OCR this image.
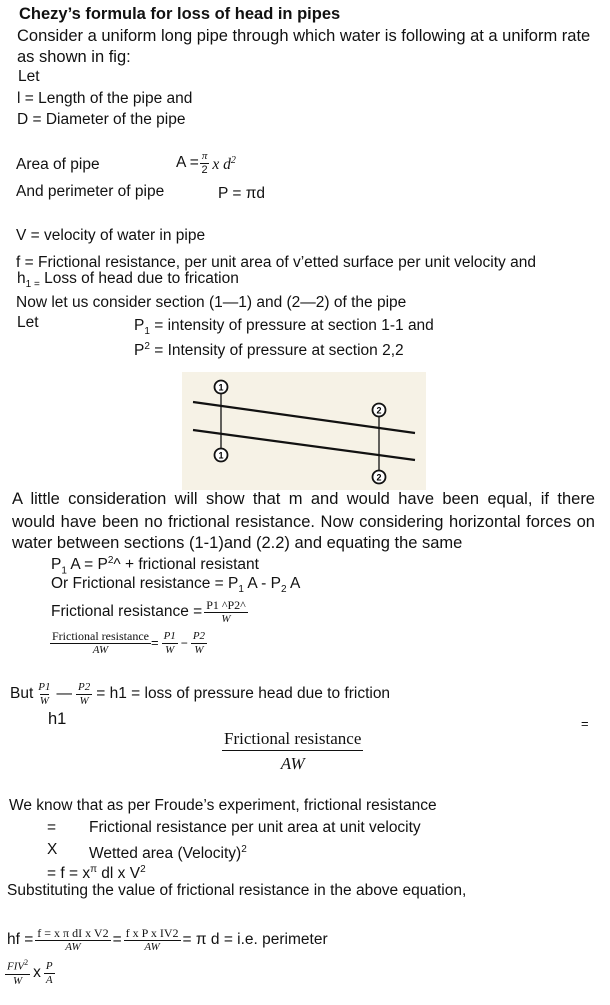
Chezy’s formula for loss of head in pipes
Consider a uniform long pipe through which water is following at a uniform rate
as shown in fig:
Let
l = Length of the pipe and
D = Diameter of the pipe
Area of pipe	$A = \frac{\pi}{2}$ x $d^2$
And perimeter of pipe	P = πd
V = velocity of water in pipe
f = Frictional resistance, per unit area of v’etted surface per unit velocity and
$h_{1 =}$ Loss of head due to frication
Now let us consider section (1—1) and (2—2) of the pipe
Let	$P_1$ = intensity of pressure at section 1-1 and
$P^2$ = Intensity of pressure at section 2,2
1
1
2
2
A little consideration will show that m and would have been equal, if there
would have been no frictional resistance. Now considering horizontal forces on
water between sections (1-1)and (2.2) and equating the same
$P_1$ $A = P^2\^{}$ + frictional resistant
Or Frictional resistance = $P_1$ A - $P_2$ A
Frictional resistance = $\frac{P1 \^{}P2\^{}}{W}$
$\frac{\text{Frictional resistance}}{AW} = \frac{P1}{W} - \frac{P2}{W}$
But $\frac{P1}{W}$ — $\frac{P2}{W} = h1$ = loss of pressure head due to friction
h1	=
Frictional resistance
AW
We know that as per Froude’s experiment, frictional resistance
= Frictional resistance per unit area at unit velocity
X Wetted area (Velocity)$^2$
= $f = x^\pi$ dl x $V^2$
Substituting the value of frictional resistance in the above equation,
hf = $\frac{\text{f = x π dI x V2}}{AW} = \frac{\text{f x P x IV2}}{AW} = \pi$ d = i.e. perimeter
$\frac{FIV^2}{W}$ x $\frac{P}{A}$
